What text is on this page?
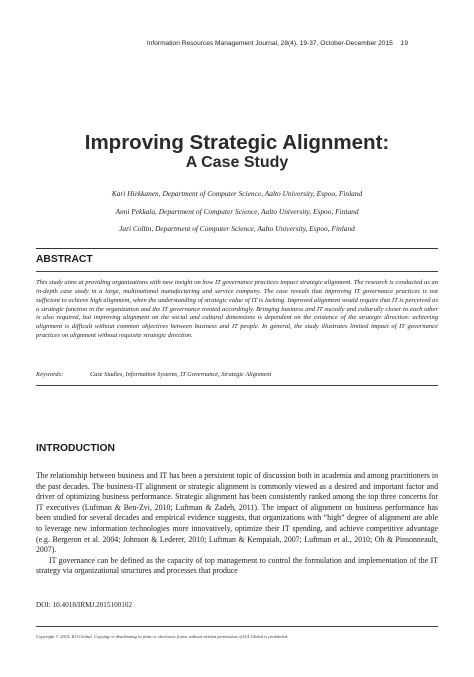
Information Resources Management Journal, 28(4), 19-37, October-December 2015 19
Improving Strategic Alignment:
A Case Study
Kari Hiekkanen, Department of Computer Science, Aalto University, Espoo, Finland
Anni Pekkala, Department of Computer Science, Aalto University, Espoo, Finland
Jari Collin, Department of Computer Science, Aalto University, Espoo, Finland
ABSTRACT
This study aims at providing organizations with new insight on how IT governance practices impact strategic alignment. The research is conducted as an in-depth case study in a large, multinational manufacturing and service company. The case reveals that improving IT governance practices is not sufficient to achieve high alignment, when the understanding of strategic value of IT is lacking. Improved alignment would require that IT is perceived as a strategic function in the organization and the IT governance treated accordingly. Bringing business and IT socially and culturally closer to each other is also required, but improving alignment on the social and cultural dimensions is dependent on the existence of the strategic direction: achieving alignment is difficult without common objectives between business and IT people. In general, the study illustrates limited impact of IT governance practices on alignment without requisite strategic direction.
Keywords:	Case Studies, Information Systems, IT Governance, Strategic Alignment
INTRODUCTION

The relationship between business and IT has been a persistent topic of discussion both in academia and among practitioners in the past decades. The business-IT alignment or strategic alignment is commonly viewed as a desired and important factor and driver of optimizing business performance. Strategic alignment has been consistently ranked among the top three concerns for IT executives (Luftman & Ben-Zvi, 2010; Luftman & Zadeh, 2011). The impact of alignment on business performance has been studied for several decades and empirical evidence suggests, that organizations with “high” degree of alignment are able to leverage new information technologies more innovatively, optimize their IT spending, and achieve competitive advantage (e.g. Bergeron et al. 2004; Johnson & Lederer, 2010; Luftman & Kempaiah, 2007; Luftman et al., 2010; Oh & Pinsonneault, 2007).

IT governance can be defined as the capacity of top management to control the formulation and implementation of the IT strategy via organizational structures and processes that produce

DOI: 10.4018/IRMJ.2015100102
Copyright © 2015, IGI Global. Copying or distributing in print or electronic forms without written permission of IGI Global is prohibited.
